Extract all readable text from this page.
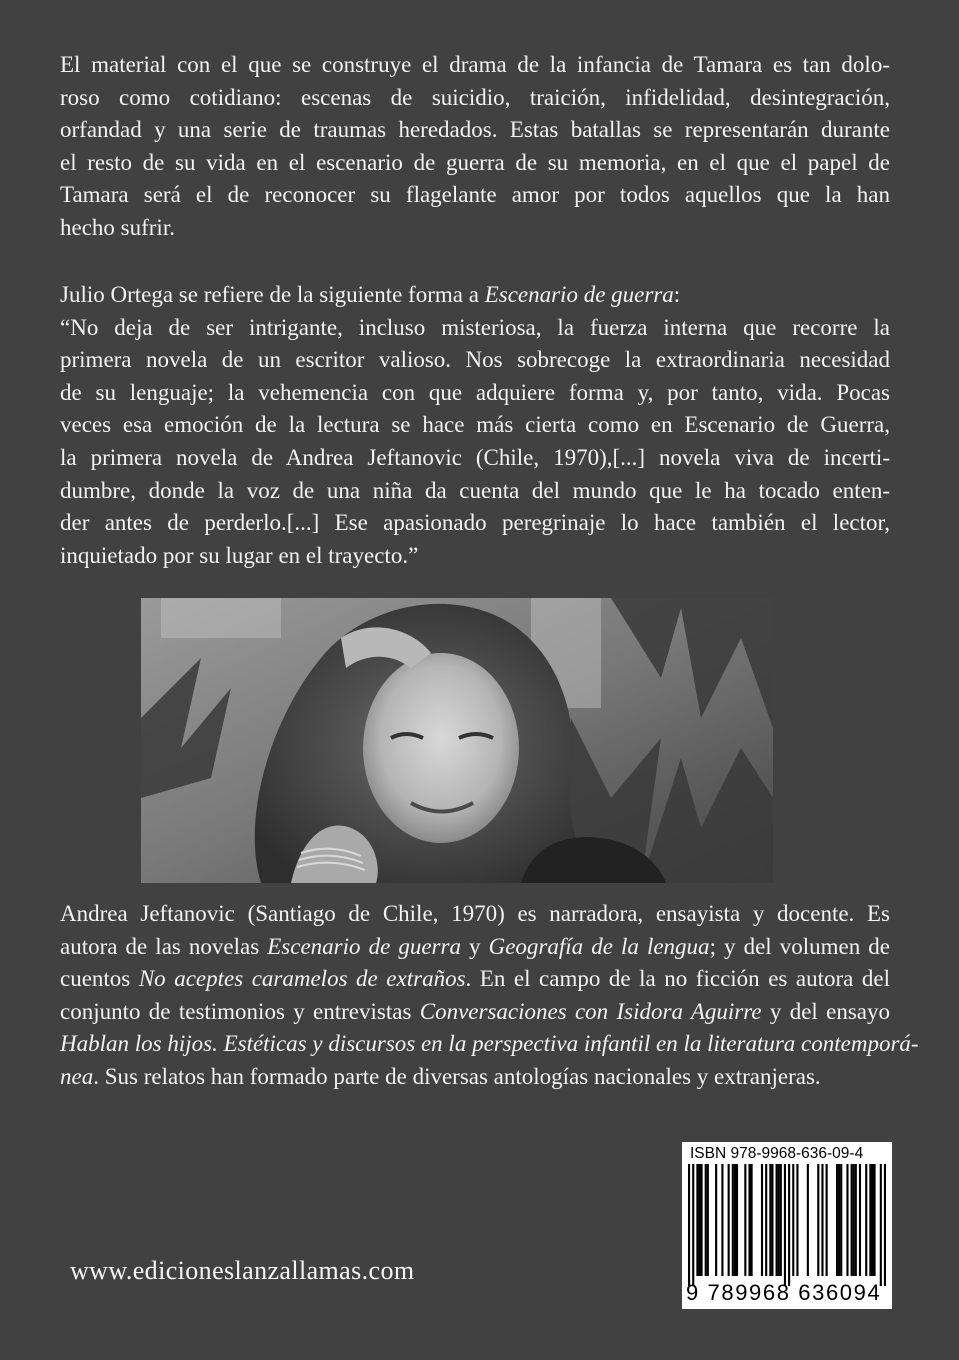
El material con el que se construye el drama de la infancia de Tamara es tan dolo-
roso como cotidiano: escenas de suicidio, traición, infidelidad, desintegración,
orfandad y una serie de traumas heredados. Estas batallas se representarán durante
el resto de su vida en el escenario de guerra de su memoria, en el que el papel de
Tamara será el de reconocer su flagelante amor por todos aquellos que la han
hecho sufrir.
Julio Ortega se refiere de la siguiente forma a Escenario de guerra:
“No deja de ser intrigante, incluso misteriosa, la fuerza interna que recorre la
primera novela de un escritor valioso. Nos sobrecoge la extraordinaria necesidad
de su lenguaje; la vehemencia con que adquiere forma y, por tanto, vida. Pocas
veces esa emoción de la lectura se hace más cierta como en Escenario de Guerra,
la primera novela de Andrea Jeftanovic (Chile, 1970),[...] novela viva de incerti-
dumbre, donde la voz de una niña da cuenta del mundo que le ha tocado enten-
der antes de perderlo.[...] Ese apasionado peregrinaje lo hace también el lector,
inquietado por su lugar en el trayecto.”
Andrea Jeftanovic (Santiago de Chile, 1970) es narradora, ensayista y docente. Es
autora de las novelas Escenario de guerra y Geografía de la lengua; y del volumen de
cuentos No aceptes caramelos de extraños. En el campo de la no ficción es autora del
conjunto de testimonios y entrevistas Conversaciones con Isidora Aguirre y del ensayo
Hablan los hijos. Estéticas y discursos en la perspectiva infantil en la literatura contemporá-
nea. Sus relatos han formado parte de diversas antologías nacionales y extranjeras.
www.edicioneslanzallamas.com
ISBN 978-9968-636-09-4
9 789968 636094
